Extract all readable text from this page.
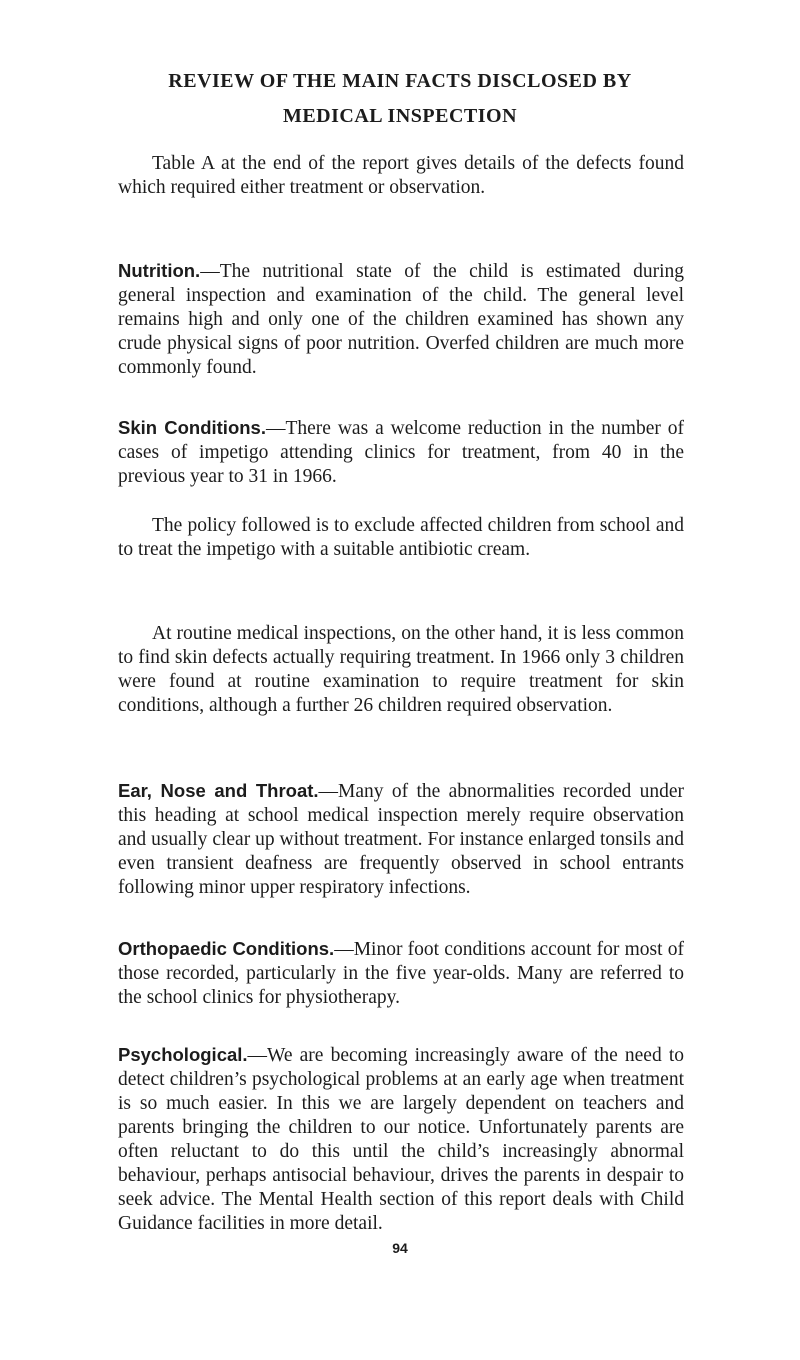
REVIEW OF THE MAIN FACTS DISCLOSED BY
MEDICAL INSPECTION

Table A at the end of the report gives details of the defects found which required either treatment or observation.

Nutrition.—The nutritional state of the child is estimated during general inspection and examination of the child. The general level remains high and only one of the children examined has shown any crude physical signs of poor nutrition. Overfed children are much more commonly found.

Skin Conditions.—There was a welcome reduction in the number of cases of impetigo attending clinics for treatment, from 40 in the previous year to 31 in 1966.

The policy followed is to exclude affected children from school and to treat the impetigo with a suitable antibiotic cream.

At routine medical inspections, on the other hand, it is less common to find skin defects actually requiring treatment. In 1966 only 3 children were found at routine examination to require treatment for skin conditions, although a further 26 children required observation.

Ear, Nose and Throat.—Many of the abnormalities recorded under this heading at school medical inspection merely require observation and usually clear up without treatment. For instance enlarged tonsils and even transient deafness are frequently observed in school entrants following minor upper respiratory infections.

Orthopaedic Conditions.—Minor foot conditions account for most of those recorded, particularly in the five year-olds. Many are referred to the school clinics for physiotherapy.

Psychological.—We are becoming increasingly aware of the need to detect children’s psychological problems at an early age when treatment is so much easier. In this we are largely dependent on teachers and parents bringing the children to our notice. Unfortunately parents are often reluctant to do this until the child’s increasingly abnormal behaviour, perhaps antisocial behaviour, drives the parents in despair to seek advice. The Mental Health section of this report deals with Child Guidance facilities in more detail.

94
